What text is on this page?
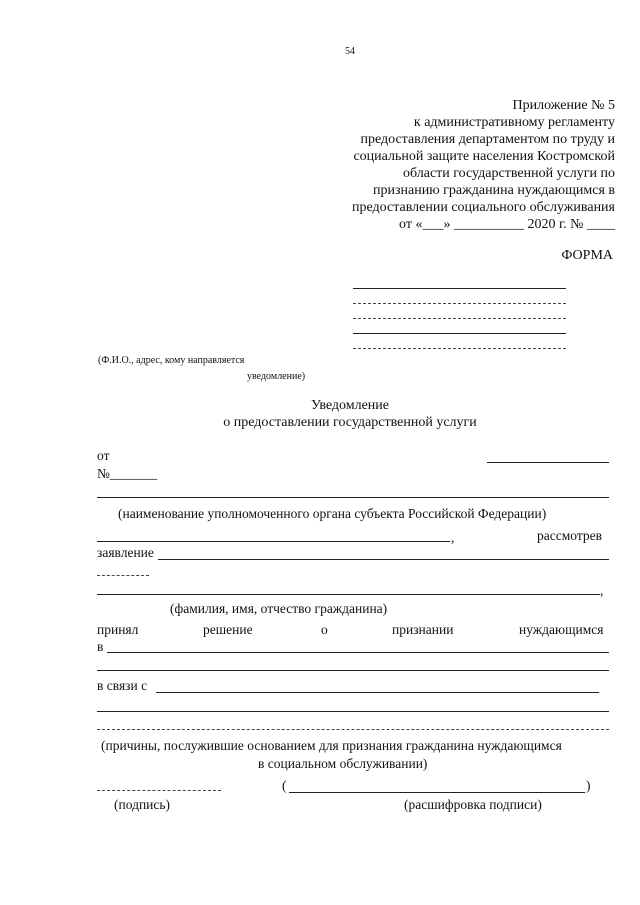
54
Приложение № 5
к административному регламенту
предоставления департаментом по труду и
социальной защите населения Костромской
области государственной услуги по
признанию гражданина нуждающимся в
предоставлении социального обслуживания
от «___» __________ 2020 г. № ____
ФОРМА
(Ф.И.О., адрес, кому направляется
уведомление)
Уведомление
о предоставлении государственной услуги
от
№_______
(наименование уполномоченного органа субъекта Российской Федерации)
,	рассмотрев
заявление
,
(фамилия, имя, отчество гражданина)
принял	решение	о	признании	нуждающимся
в
в связи с
(причины, послужившие основанием для признания гражданина нуждающимся
в социальном обслуживании)
(	)
(подпись)	(расшифровка подписи)
